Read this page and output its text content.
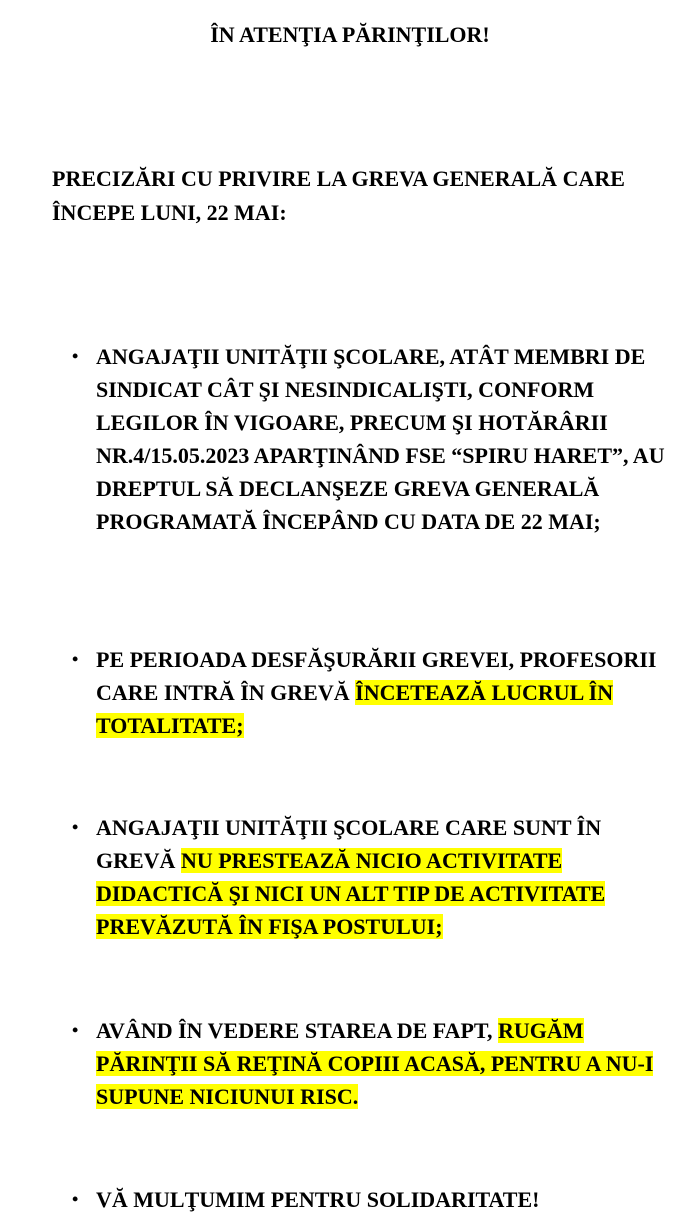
ÎN ATENŢIA PĂRINŢILOR!

PRECIZĂRI CU PRIVIRE LA GREVA GENERALĂ CARE ÎNCEPE LUNI, 22 MAI:

• ANGAJAŢII UNITĂŢII ŞCOLARE, ATÂT MEMBRI DE SINDICAT CÂT ŞI NESINDICALIŞTI, CONFORM LEGILOR ÎN VIGOARE, PRECUM ŞI HOTĂRÂRII NR.4/15.05.2023 APARŢINÂND FSE “SPIRU HARET”, AU DREPTUL SĂ DECLANŞEZE GREVA GENERALĂ PROGRAMATĂ ÎNCEPÂND CU DATA DE 22 MAI;
• PE PERIOADA DESFĂŞURĂRII GREVEI, PROFESORII CARE INTRĂ ÎN GREVĂ ÎNCETEAZĂ LUCRUL ÎN TOTALITATE;
• ANGAJAŢII UNITĂŢII ŞCOLARE CARE SUNT ÎN GREVĂ NU PRESTEAZĂ NICIO ACTIVITATE DIDACTICĂ ŞI NICI UN ALT TIP DE ACTIVITATE PREVĂZUTĂ ÎN FIŞA POSTULUI;
• AVÂND ÎN VEDERE STAREA DE FAPT, RUGĂM PĂRINŢII SĂ REŢINĂ COPIII ACASĂ, PENTRU A NU-I SUPUNE NICIUNUI RISC.
• VĂ MULŢUMIM PENTRU SOLIDARITATE!
